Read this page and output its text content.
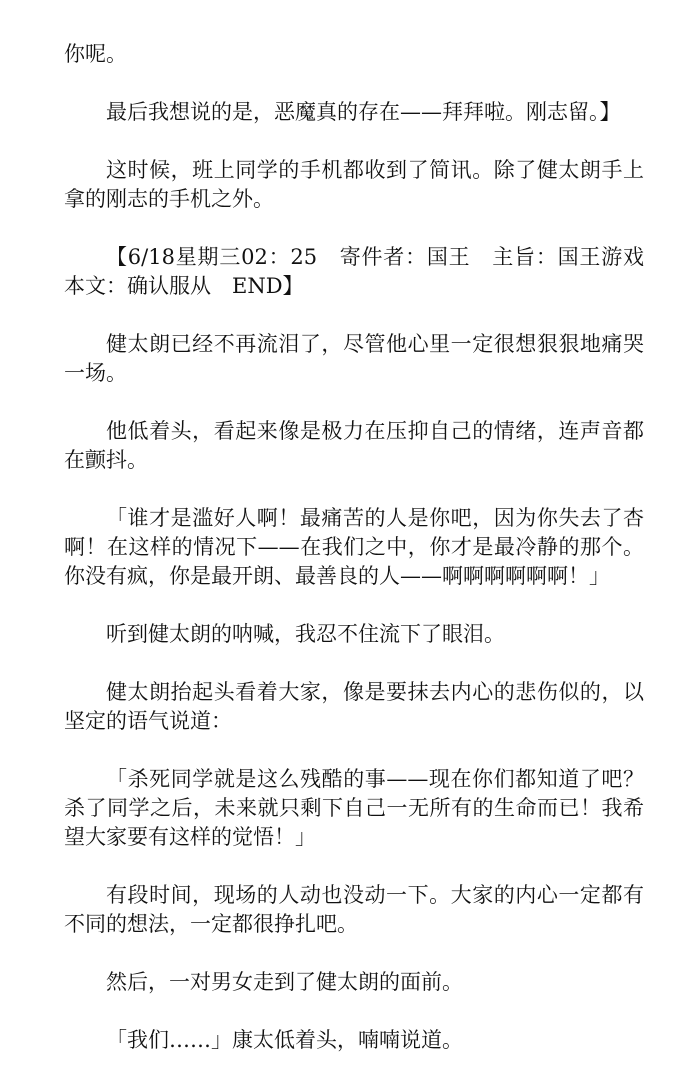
你呢。

最后我想说的是，恶魔真的存在——拜拜啦。刚志留。】

这时候，班上同学的手机都收到了简讯。除了健太朗手上拿的刚志的手机之外。

【6/18星期三02：25　寄件者：国王　主旨：国王游戏　本文：确认服从　END】

健太朗已经不再流泪了，尽管他心里一定很想狠狠地痛哭一场。

他低着头，看起来像是极力在压抑自己的情绪，连声音都在颤抖。

「谁才是滥好人啊！最痛苦的人是你吧，因为你失去了杏啊！在这样的情况下——在我们之中，你才是最冷静的那个。你没有疯，你是最开朗、最善良的人——啊啊啊啊啊啊！」

听到健太朗的呐喊，我忍不住流下了眼泪。

健太朗抬起头看着大家，像是要抹去内心的悲伤似的，以坚定的语气说道：

「杀死同学就是这么残酷的事——现在你们都知道了吧？杀了同学之后，未来就只剩下自己一无所有的生命而已！我希望大家要有这样的觉悟！」

有段时间，现场的人动也没动一下。大家的内心一定都有不同的想法，一定都很挣扎吧。

然后，一对男女走到了健太朗的面前。

「我们……」康太低着头，喃喃说道。
